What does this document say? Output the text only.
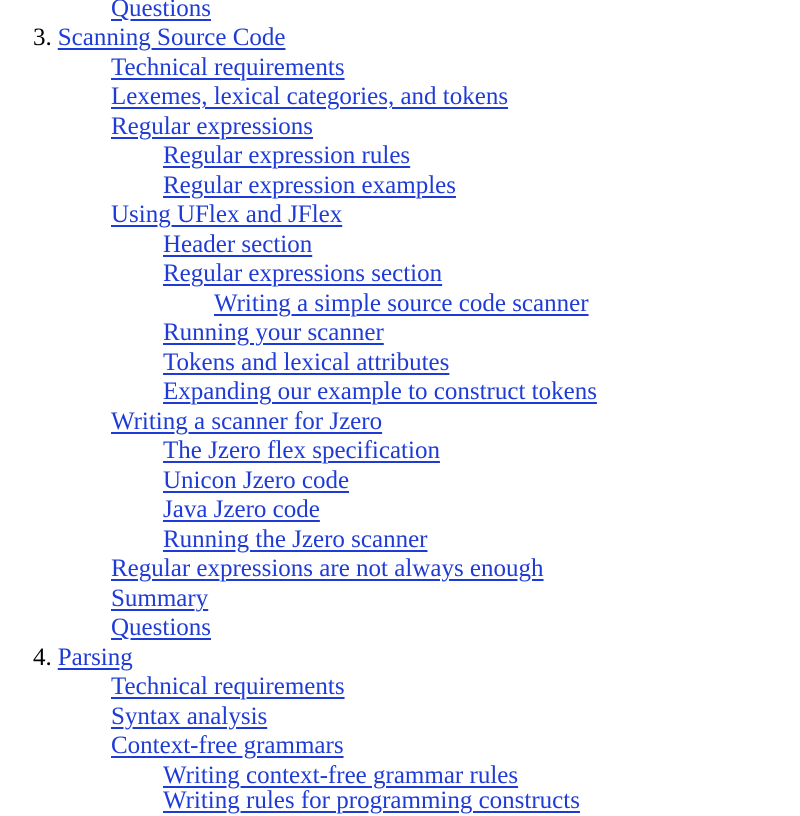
Questions
3. Scanning Source Code
Technical requirements
Lexemes, lexical categories, and tokens
Regular expressions
Regular expression rules
Regular expression examples
Using UFlex and JFlex
Header section
Regular expressions section
Writing a simple source code scanner
Running your scanner
Tokens and lexical attributes
Expanding our example to construct tokens
Writing a scanner for Jzero
The Jzero flex specification
Unicon Jzero code
Java Jzero code
Running the Jzero scanner
Regular expressions are not always enough
Summary
Questions
4. Parsing
Technical requirements
Syntax analysis
Context-free grammars
Writing context-free grammar rules
Writing rules for programming constructs
